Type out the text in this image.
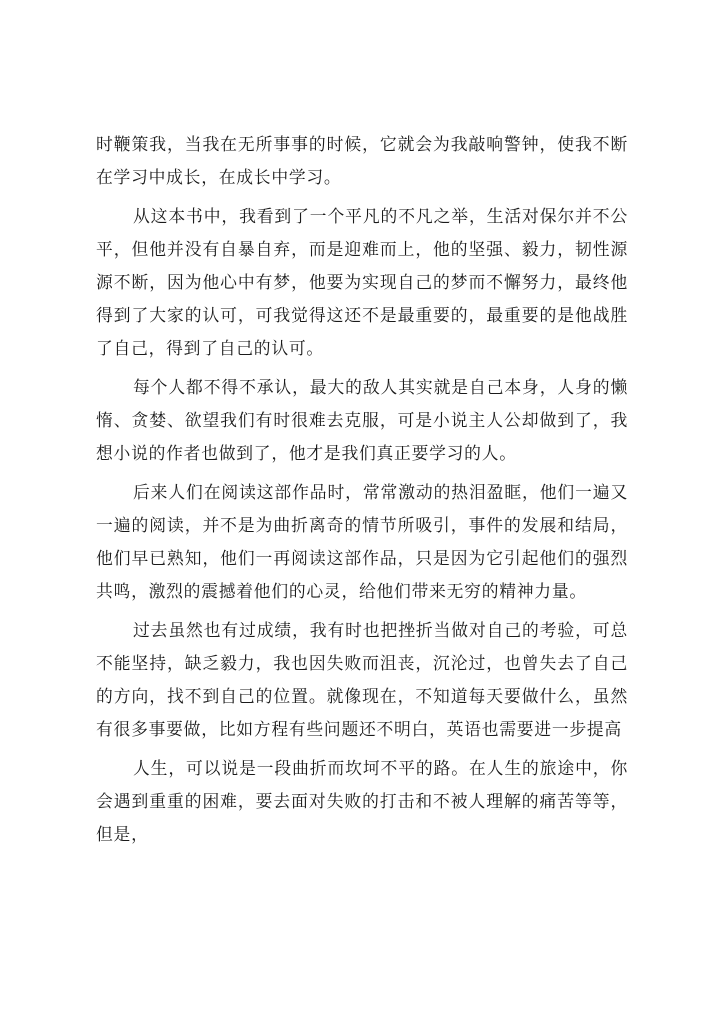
时鞭策我，当我在无所事事的时候，它就会为我敲响警钟，使我不断在学习中成长，在成长中学习。

从这本书中，我看到了一个平凡的不凡之举，生活对保尔并不公平，但他并没有自暴自弃，而是迎难而上，他的坚强、毅力，韧性源源不断，因为他心中有梦，他要为实现自己的梦而不懈努力，最终他得到了大家的认可，可我觉得这还不是最重要的，最重要的是他战胜了自己，得到了自己的认可。

每个人都不得不承认，最大的敌人其实就是自己本身，人身的懒惰、贪婪、欲望我们有时很难去克服，可是小说主人公却做到了，我想小说的作者也做到了，他才是我们真正要学习的人。

后来人们在阅读这部作品时，常常激动的热泪盈眶，他们一遍又一遍的阅读，并不是为曲折离奇的情节所吸引，事件的发展和结局，他们早已熟知，他们一再阅读这部作品，只是因为它引起他们的强烈共鸣，激烈的震撼着他们的心灵，给他们带来无穷的精神力量。

过去虽然也有过成绩，我有时也把挫折当做对自己的考验，可总不能坚持，缺乏毅力，我也因失败而沮丧，沉沦过，也曾失去了自己的方向，找不到自己的位置。就像现在，不知道每天要做什么，虽然有很多事要做，比如方程有些问题还不明白，英语也需要进一步提高

人生，可以说是一段曲折而坎坷不平的路。在人生的旅途中，你会遇到重重的困难，要去面对失败的打击和不被人理解的痛苦等等，但是，
